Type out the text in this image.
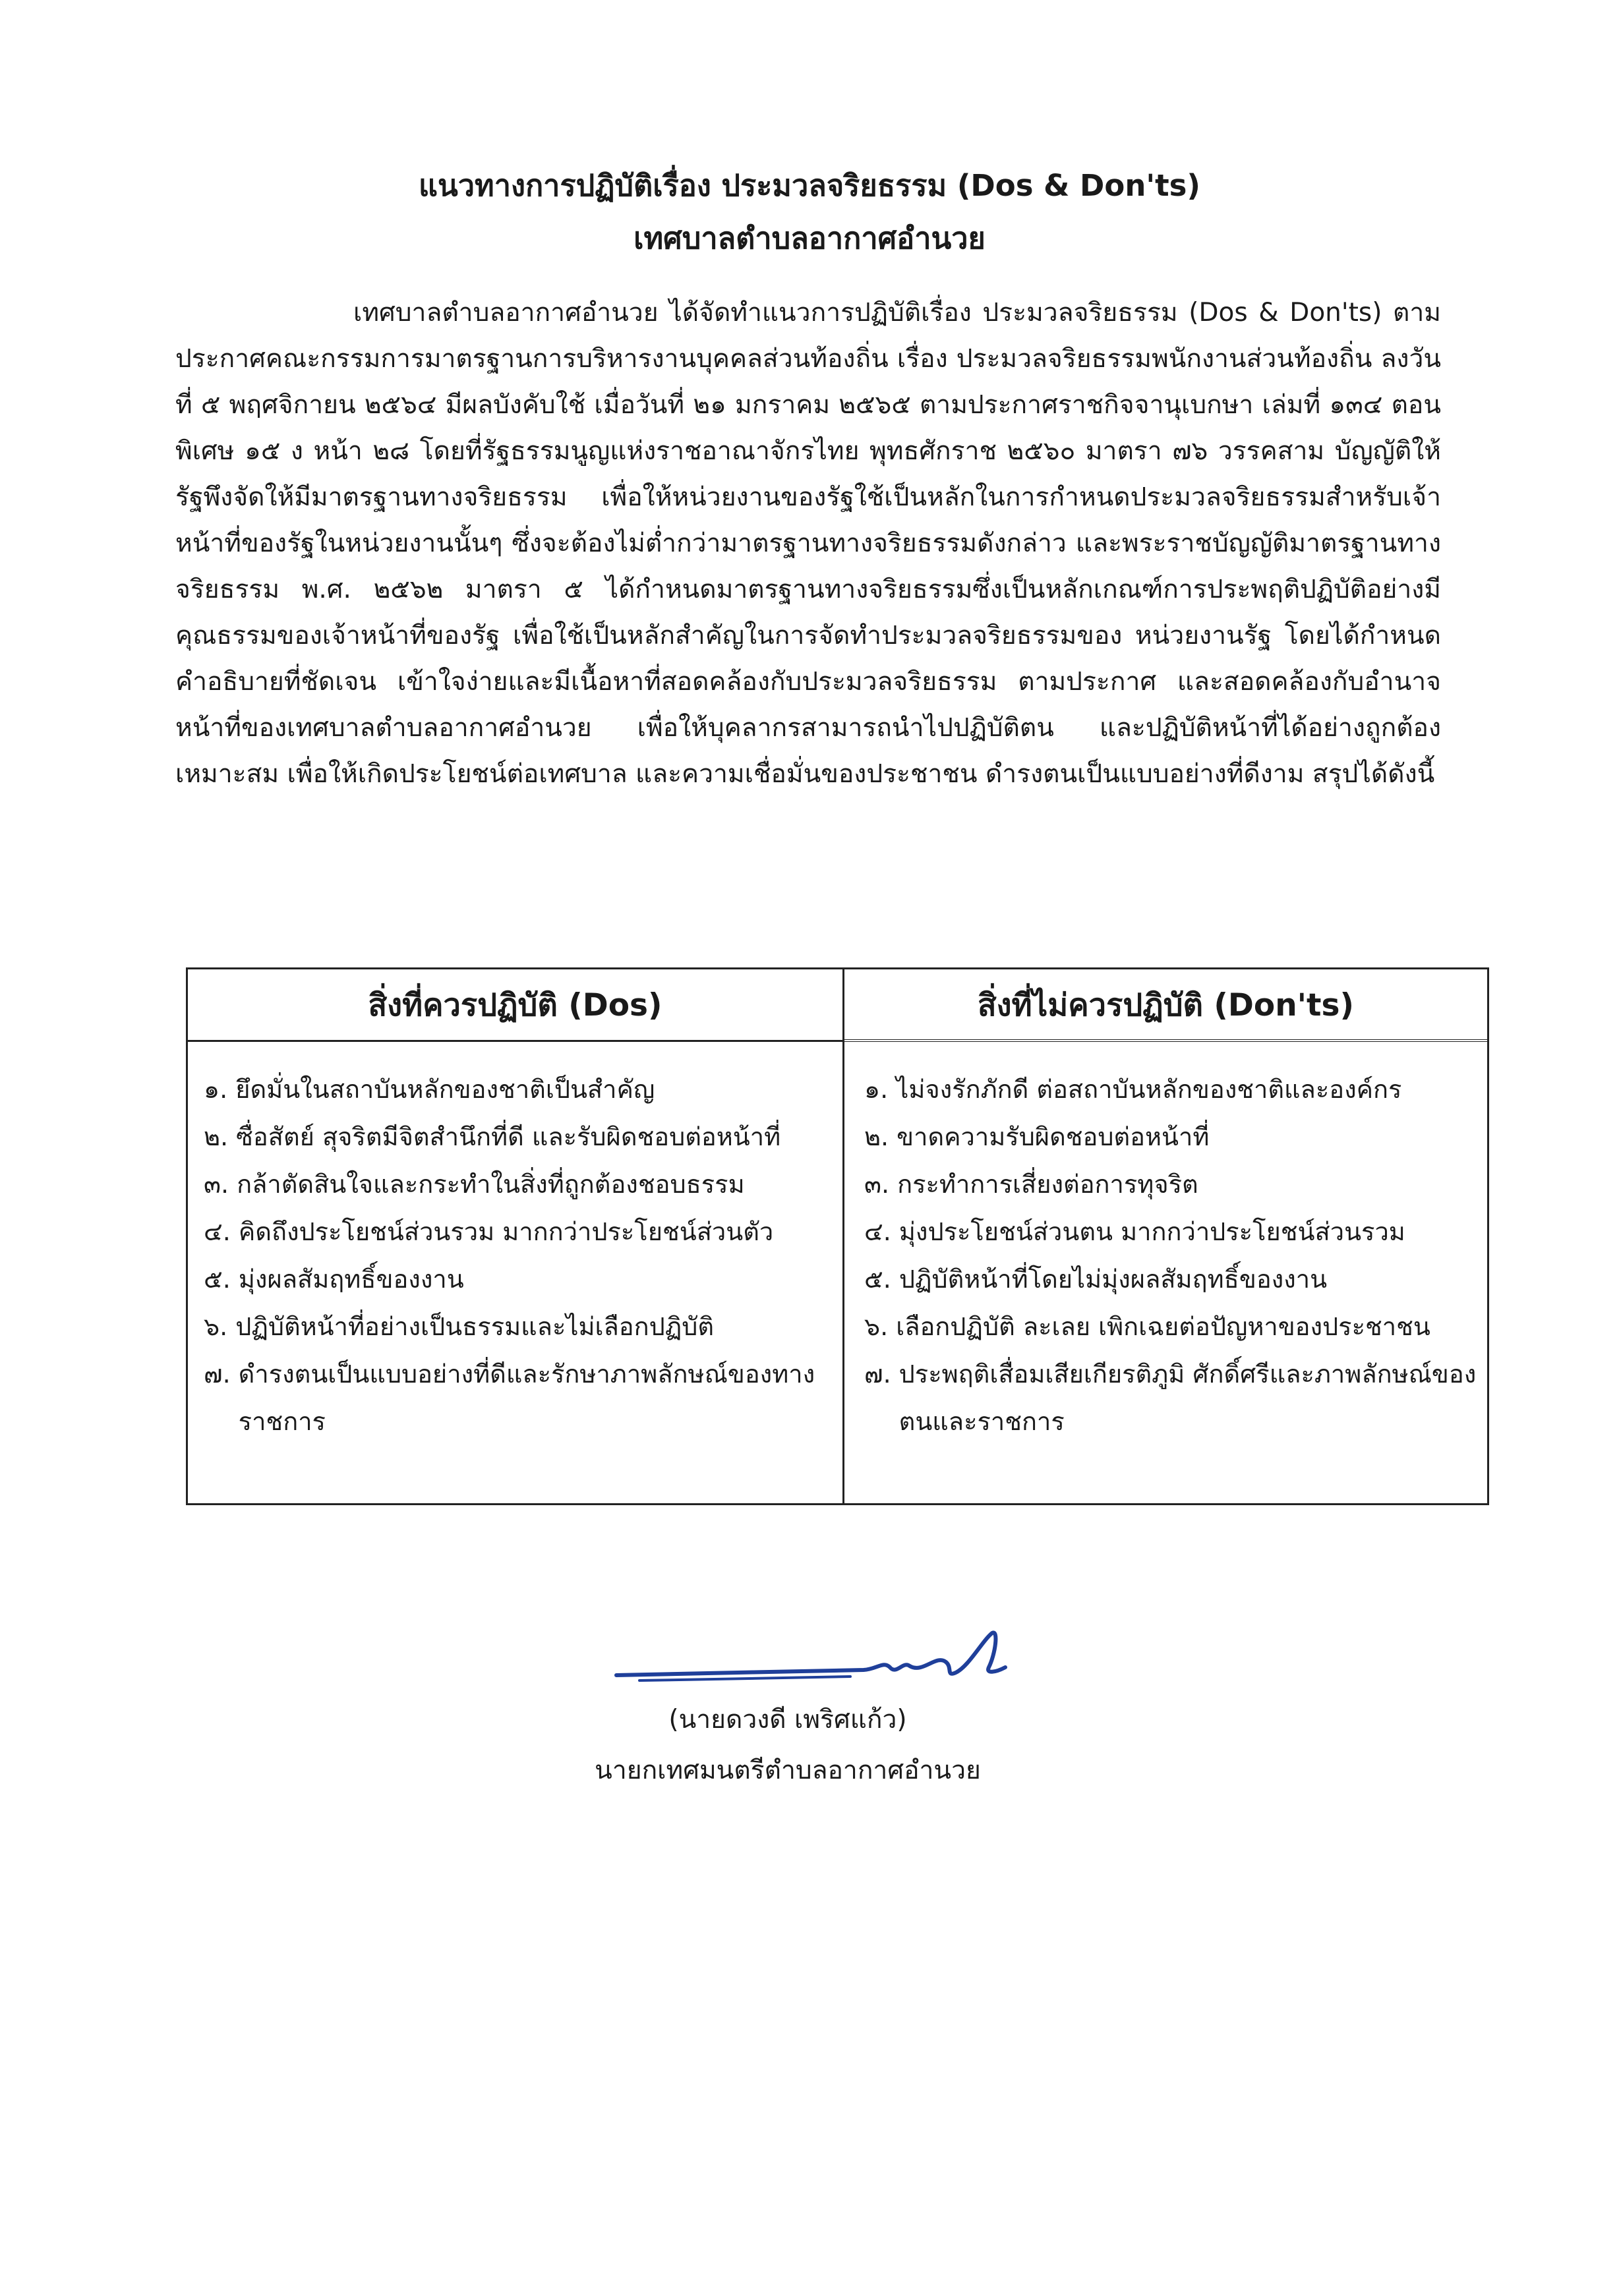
แนวทางการปฏิบัติเรื่อง ประมวลจริยธรรม (Dos & Don'ts)
เทศบาลตำบลอากาศอำนวย

เทศบาลตำบลอากาศอำนวย ได้จัดทำแนวการปฏิบัติเรื่อง ประมวลจริยธรรม (Dos & Don'ts) ตาม ประกาศคณะกรรมการมาตรฐานการบริหารงานบุคคลส่วนท้องถิ่น เรื่อง ประมวลจริยธรรมพนักงานส่วนท้องถิ่น ลงวันที่ ๕ พฤศจิกายน ๒๕๖๔ มีผลบังคับใช้ เมื่อวันที่ ๒๑ มกราคม ๒๕๖๕ ตามประกาศราชกิจจานุเบกษา เล่มที่ ๑๓๔ ตอนพิเศษ ๑๕ ง หน้า ๒๘ โดยที่รัฐธรรมนูญแห่งราชอาณาจักรไทย พุทธศักราช ๒๕๖๐ มาตรา ๗๖ วรรคสาม บัญญัติให้รัฐพึงจัดให้มีมาตรฐานทางจริยธรรม เพื่อให้หน่วยงานของรัฐใช้เป็นหลักในการกำหนดประมวลจริยธรรมสำหรับเจ้าหน้าที่ของรัฐในหน่วยงานนั้นๆ ซึ่งจะต้องไม่ต่ำกว่ามาตรฐานทางจริยธรรมดังกล่าว และพระราชบัญญัติมาตรฐานทางจริยธรรม พ.ศ. ๒๕๖๒ มาตรา ๕ ได้กำหนดมาตรฐานทางจริยธรรมซึ่งเป็นหลักเกณฑ์การประพฤติปฏิบัติอย่างมีคุณธรรมของเจ้าหน้าที่ของรัฐ เพื่อใช้เป็นหลักสำคัญในการจัดทำประมวลจริยธรรมของ หน่วยงานรัฐ โดยได้กำหนดคำอธิบายที่ชัดเจน เข้าใจง่ายและมีเนื้อหาที่สอดคล้องกับประมวลจริยธรรม ตามประกาศ และสอดคล้องกับอำนาจหน้าที่ของเทศบาลตำบลอากาศอำนวย เพื่อให้บุคลากรสามารถนำไปปฏิบัติตน และปฏิบัติหน้าที่ได้อย่างถูกต้อง เหมาะสม เพื่อให้เกิดประโยชน์ต่อเทศบาล และความเชื่อมั่นของประชาชน ดำรงตนเป็นแบบอย่างที่ดีงาม สรุปได้ดังนี้

สิ่งที่ควรปฏิบัติ (Dos)
๑. ยึดมั่นในสถาบันหลักของชาติเป็นสำคัญ
๒. ซื่อสัตย์ สุจริตมีจิตสำนึกที่ดี และรับผิดชอบต่อหน้าที่
๓. กล้าตัดสินใจและกระทำในสิ่งที่ถูกต้องชอบธรรม
๔. คิดถึงประโยชน์ส่วนรวม มากกว่าประโยชน์ส่วนตัว
๕. มุ่งผลสัมฤทธิ์ของงาน
๖. ปฏิบัติหน้าที่อย่างเป็นธรรมและไม่เลือกปฏิบัติ
๗. ดำรงตนเป็นแบบอย่างที่ดีและรักษาภาพลักษณ์ของทางราชการ
สิ่งที่ไม่ควรปฏิบัติ (Don'ts)
๑. ไม่จงรักภักดี ต่อสถาบันหลักของชาติและองค์กร
๒. ขาดความรับผิดชอบต่อหน้าที่
๓. กระทำการเสี่ยงต่อการทุจริต
๔. มุ่งประโยชน์ส่วนตน มากกว่าประโยชน์ส่วนรวม
๕. ปฏิบัติหน้าที่โดยไม่มุ่งผลสัมฤทธิ์ของงาน
๖. เลือกปฏิบัติ ละเลย เพิกเฉยต่อปัญหาของประชาชน
๗. ประพฤติเสื่อมเสียเกียรติภูมิ ศักดิ์ศรีและภาพลักษณ์ของตนและราชการ
(นายดวงดี เพริศแก้ว)
นายกเทศมนตรีตำบลอากาศอำนวย
